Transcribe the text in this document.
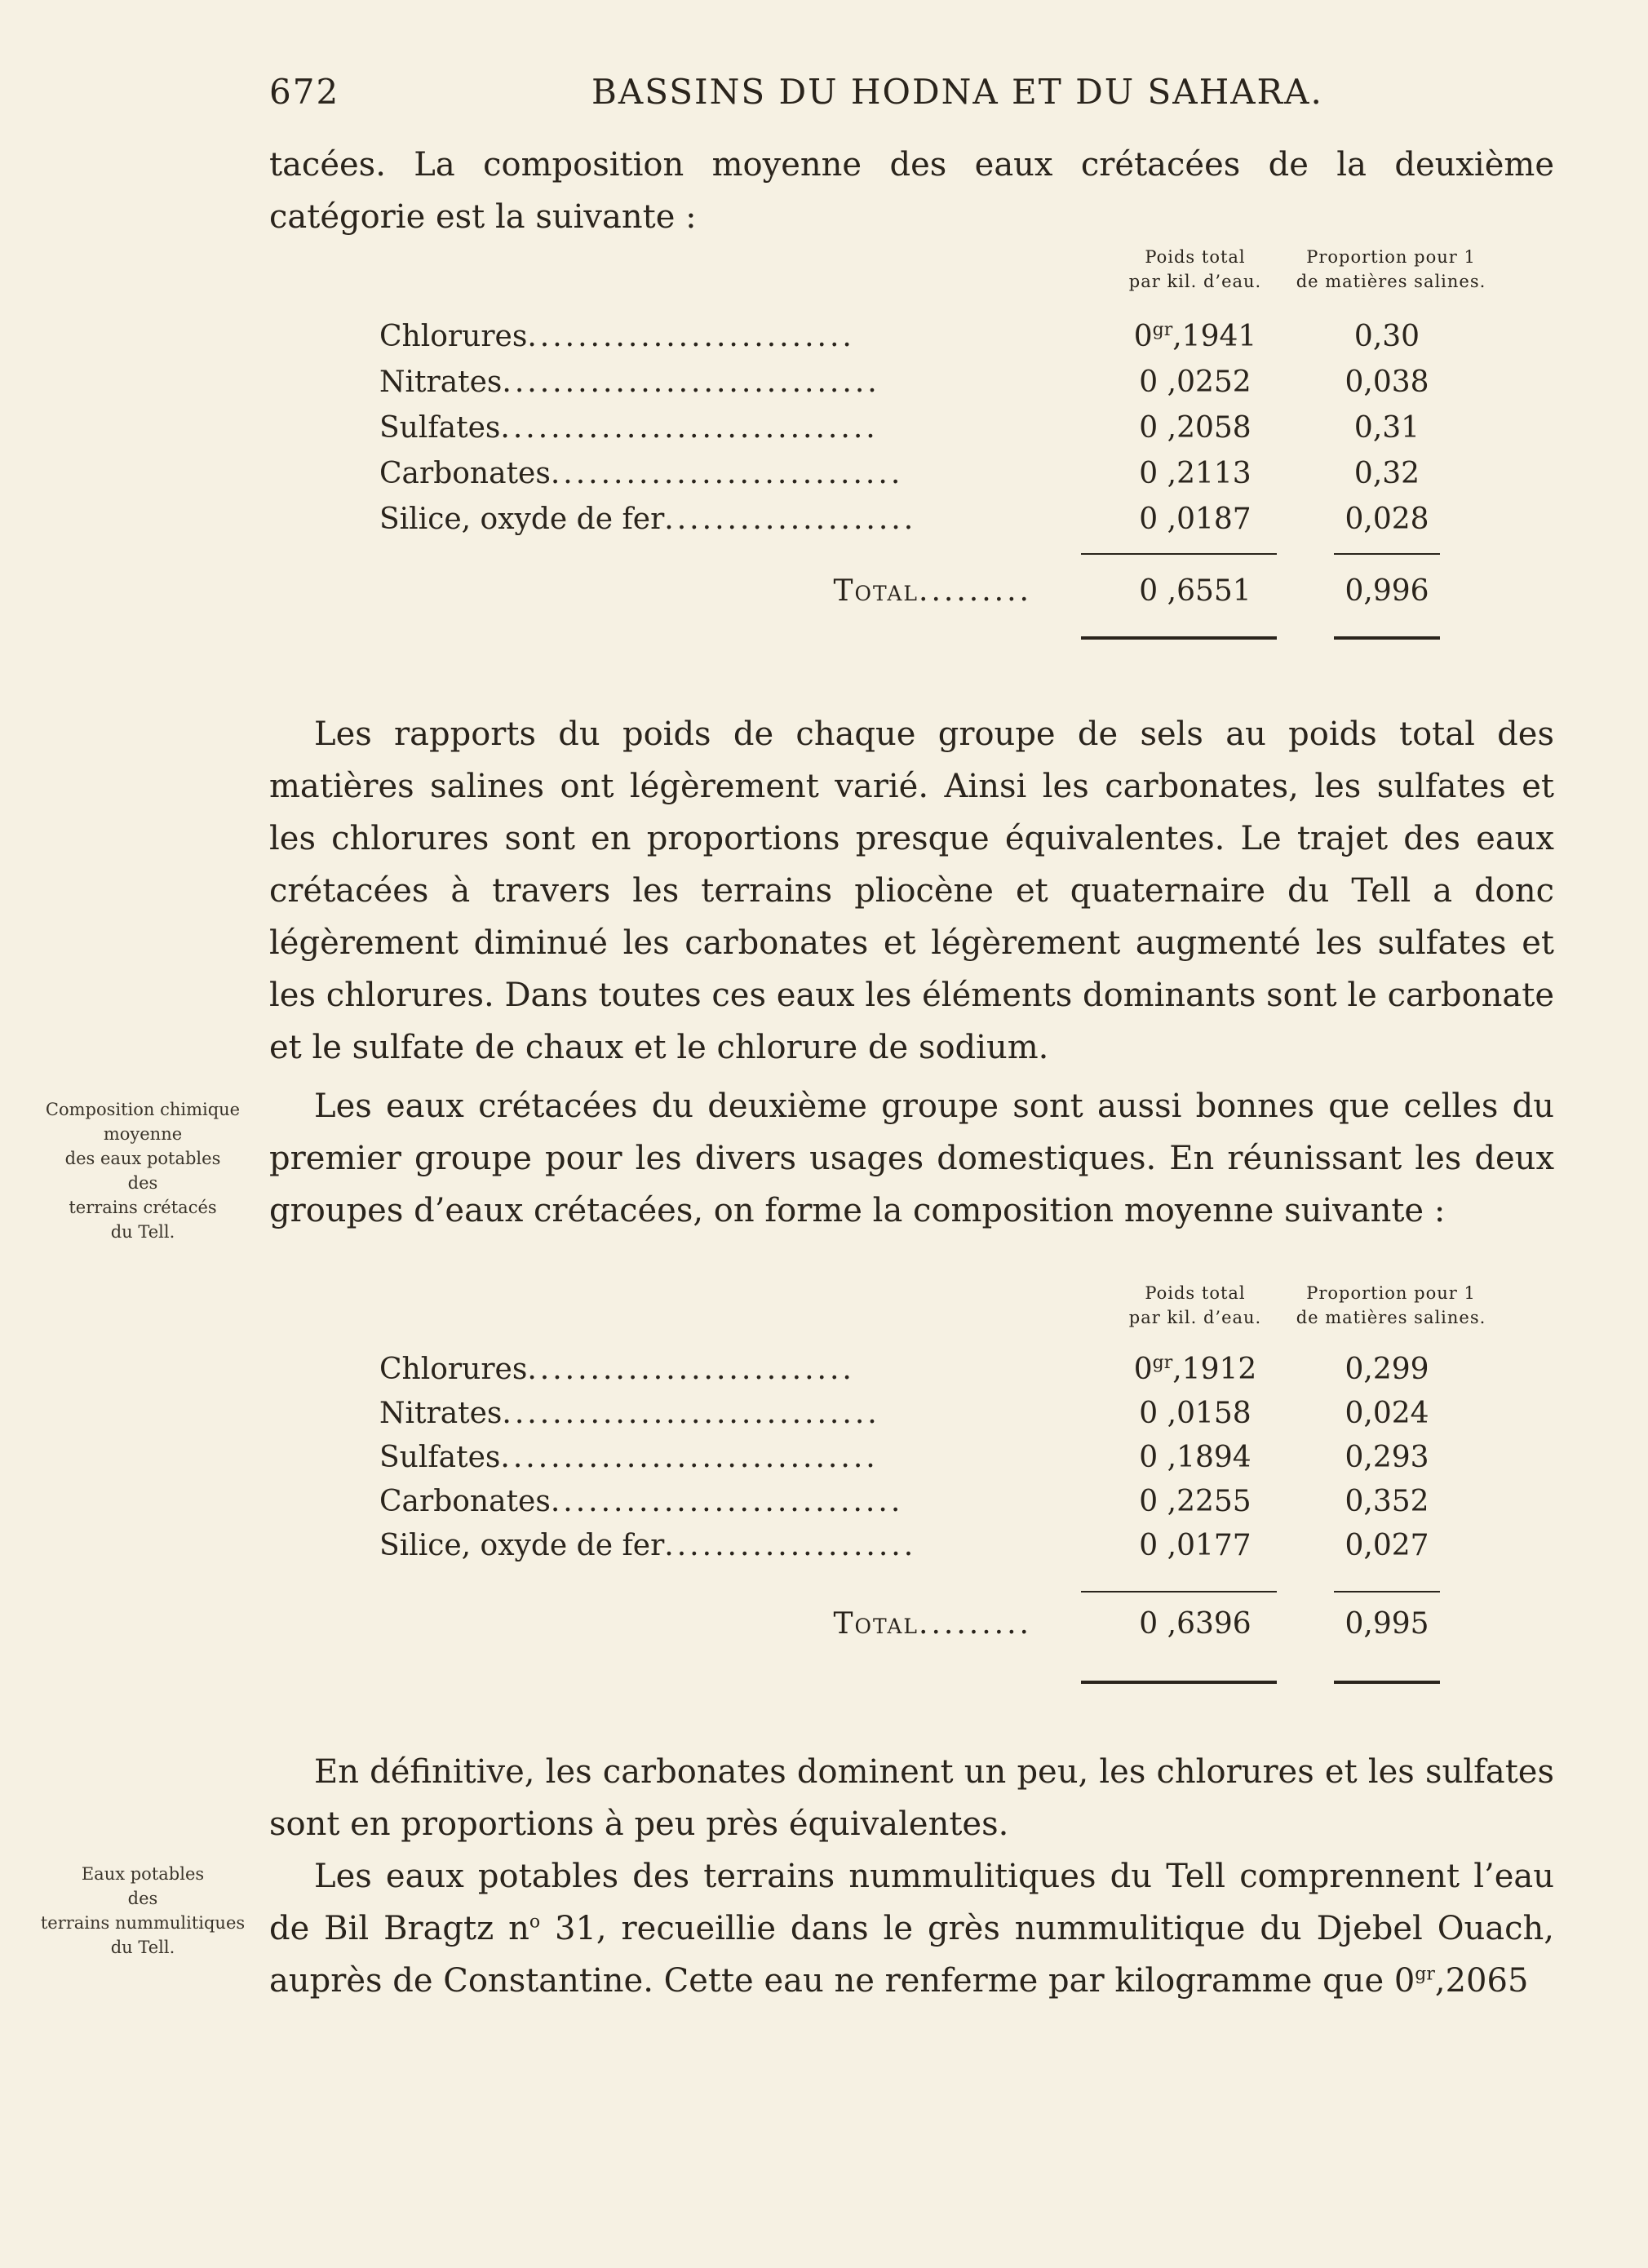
672	BASSINS DU HODNA ET DU SAHARA.

tacées. La composition moyenne des eaux crétacées de la deuxième catégorie est la suivante :

Poids total
par kil. d’eau.
Proportion pour 1
de matières salines.
Chlorures..........................	$0^{gr},1941$	0,30
Nitrates..............................	0 ,0252	0,038
Sulfates..............................	0 ,2058	0,31
Carbonates............................	0 ,2113	0,32
Silice, oxyde de fer....................	0 ,0187	0,028
Total.........	0 ,6551	0,996

Les rapports du poids de chaque groupe de sels au poids total des matières salines ont légèrement varié. Ainsi les carbonates, les sulfates et les chlorures sont en proportions presque équivalentes. Le trajet des eaux crétacées à travers les terrains pliocène et quaternaire du Tell a donc légèrement diminué les carbonates et légèrement augmenté les sulfates et les chlorures. Dans toutes ces eaux les éléments dominants sont le carbonate et le sulfate de chaux et le chlorure de sodium.

Composition chimique
moyenne
des eaux potables
des
terrains crétacés
du Tell.

Les eaux crétacées du deuxième groupe sont aussi bonnes que celles du premier groupe pour les divers usages domestiques. En réunissant les deux groupes d’eaux crétacées, on forme la composition moyenne suivante :

Poids total
par kil. d’eau.
Proportion pour 1
de matières salines.
Chlorures..........................	$0^{gr},1912$	0,299
Nitrates..............................	0 ,0158	0,024
Sulfates..............................	0 ,1894	0,293
Carbonates............................	0 ,2255	0,352
Silice, oxyde de fer....................	0 ,0177	0,027
Total.........	0 ,6396	0,995

En définitive, les carbonates dominent un peu, les chlorures et les sulfates sont en proportions à peu près équivalentes.

Eaux potables
des
terrains nummulitiques
du Tell.

Les eaux potables des terrains nummulitiques du Tell comprennent l’eau de Bil Bragtz $n^o$ 31, recueillie dans le grès nummulitique du Djebel Ouach, auprès de Constantine. Cette eau ne renferme par kilogramme que $0^{gr},2065$
